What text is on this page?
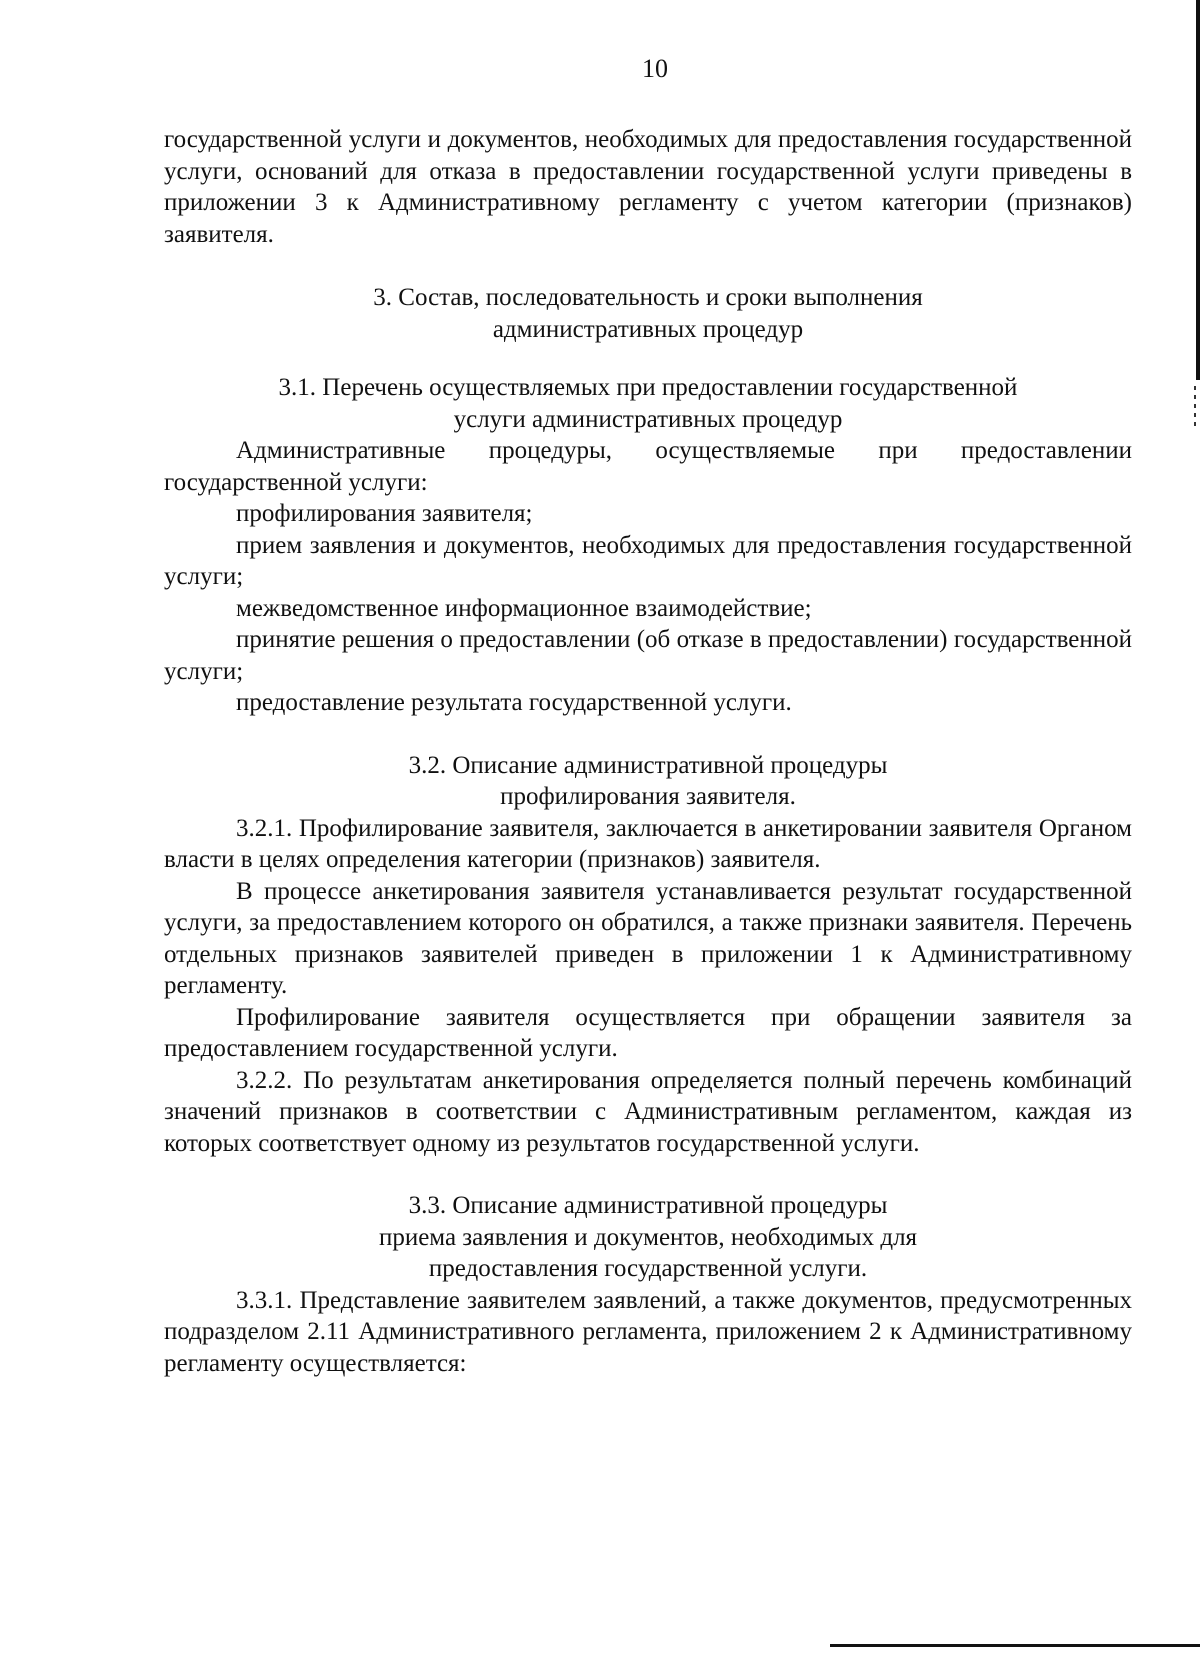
10

государственной услуги и документов, необходимых для предоставления государственной услуги, оснований для отказа в предоставлении государственной услуги приведены в приложении 3 к Административному регламенту с учетом категории (признаков) заявителя.

3. Состав, последовательность и сроки выполнения
административных процедур
3.1. Перечень осуществляемых при предоставлении государственной
услуги административных процедур

Административные процедуры, осуществляемые при предоставлении государственной услуги:

профилирования заявителя;

прием заявления и документов, необходимых для предоставления государственной услуги;

межведомственное информационное взаимодействие;

принятие решения о предоставлении (об отказе в предоставлении) государственной услуги;

предоставление результата государственной услуги.

3.2. Описание административной процедуры
профилирования заявителя.

3.2.1. Профилирование заявителя, заключается в анкетировании заявителя Органом власти в целях определения категории (признаков) заявителя.

В процессе анкетирования заявителя устанавливается результат государственной услуги, за предоставлением которого он обратился, а также признаки заявителя. Перечень отдельных признаков заявителей приведен в приложении 1 к Административному регламенту.

Профилирование заявителя осуществляется при обращении заявителя за предоставлением государственной услуги.

3.2.2. По результатам анкетирования определяется полный перечень комбинаций значений признаков в соответствии с Административным регламентом, каждая из которых соответствует одному из результатов государственной услуги.

3.3. Описание административной процедуры
приема заявления и документов, необходимых для
предоставления государственной услуги.

3.3.1. Представление заявителем заявлений, а также документов, предусмотренных подразделом 2.11 Административного регламента, приложением 2 к Административному регламенту осуществляется:
